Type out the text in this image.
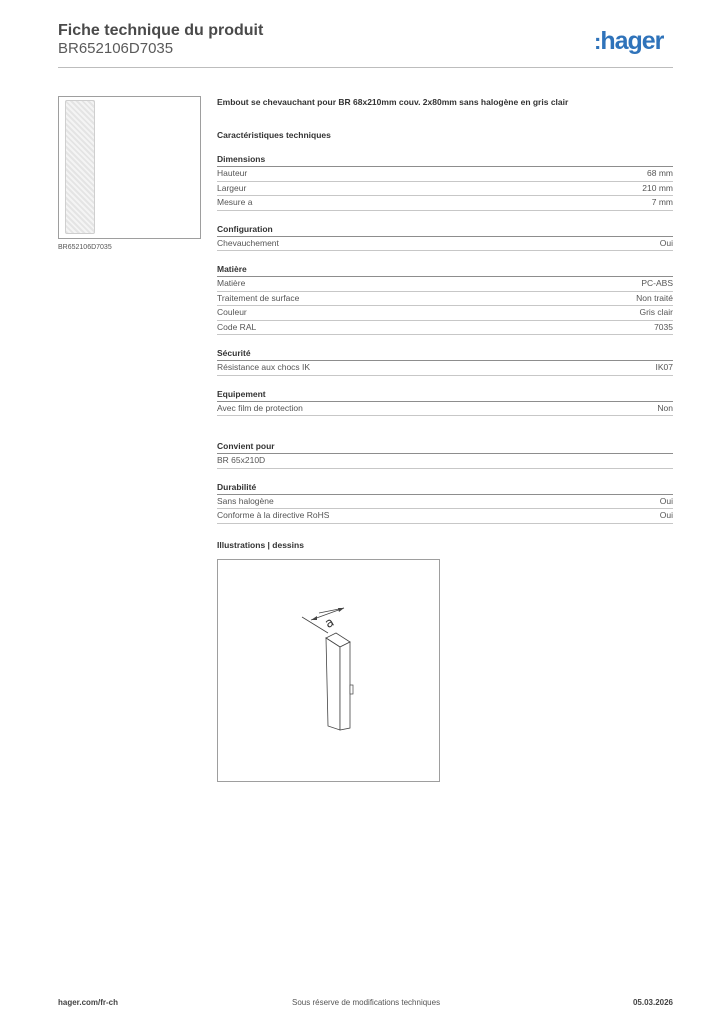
Fiche technique du produit
BR652106D7035	:hager
BR652106D7035
Embout se chevauchant pour BR 68x210mm couv. 2x80mm sans halogène en gris clair
Caractéristiques techniques
Dimensions
Hauteur	68 mm
Largeur	210 mm
Mesure a	7 mm
Configuration
Chevauchement	Oui
Matière
Matière	PC-ABS
Traitement de surface	Non traité
Couleur	Gris clair
Code RAL	7035
Sécurité
Résistance aux chocs IK	IK07
Equipement
Avec film de protection	Non
Convient pour
BR 65x210D
Durabilité
Sans halogène	Oui
Conforme à la directive RoHS	Oui
Illustrations | dessins
a
hager.com/fr-ch	Sous réserve de modifications techniques	05.03.2026
